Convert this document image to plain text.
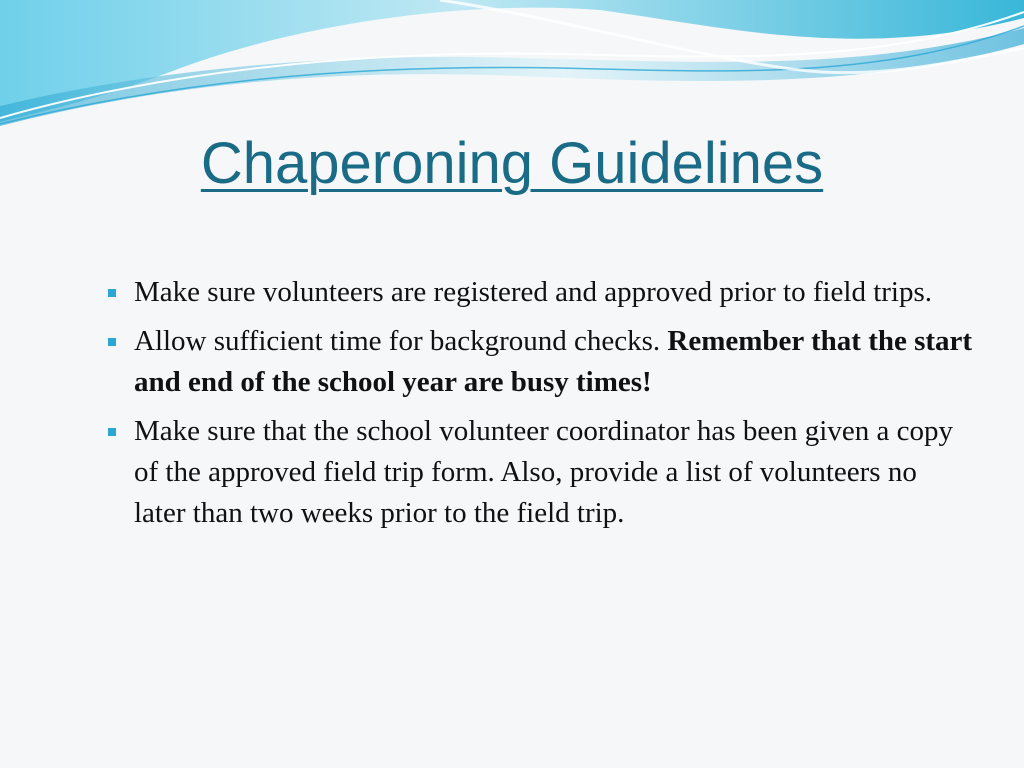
Chaperoning Guidelines
Make sure volunteers are registered and approved prior to field trips.
Allow sufficient time for background checks. Remember that the start and end of the school year are busy times!
Make sure that the school volunteer coordinator has been given a copy of the approved field trip form. Also, provide a list of volunteers no later than two weeks prior to the field trip.
